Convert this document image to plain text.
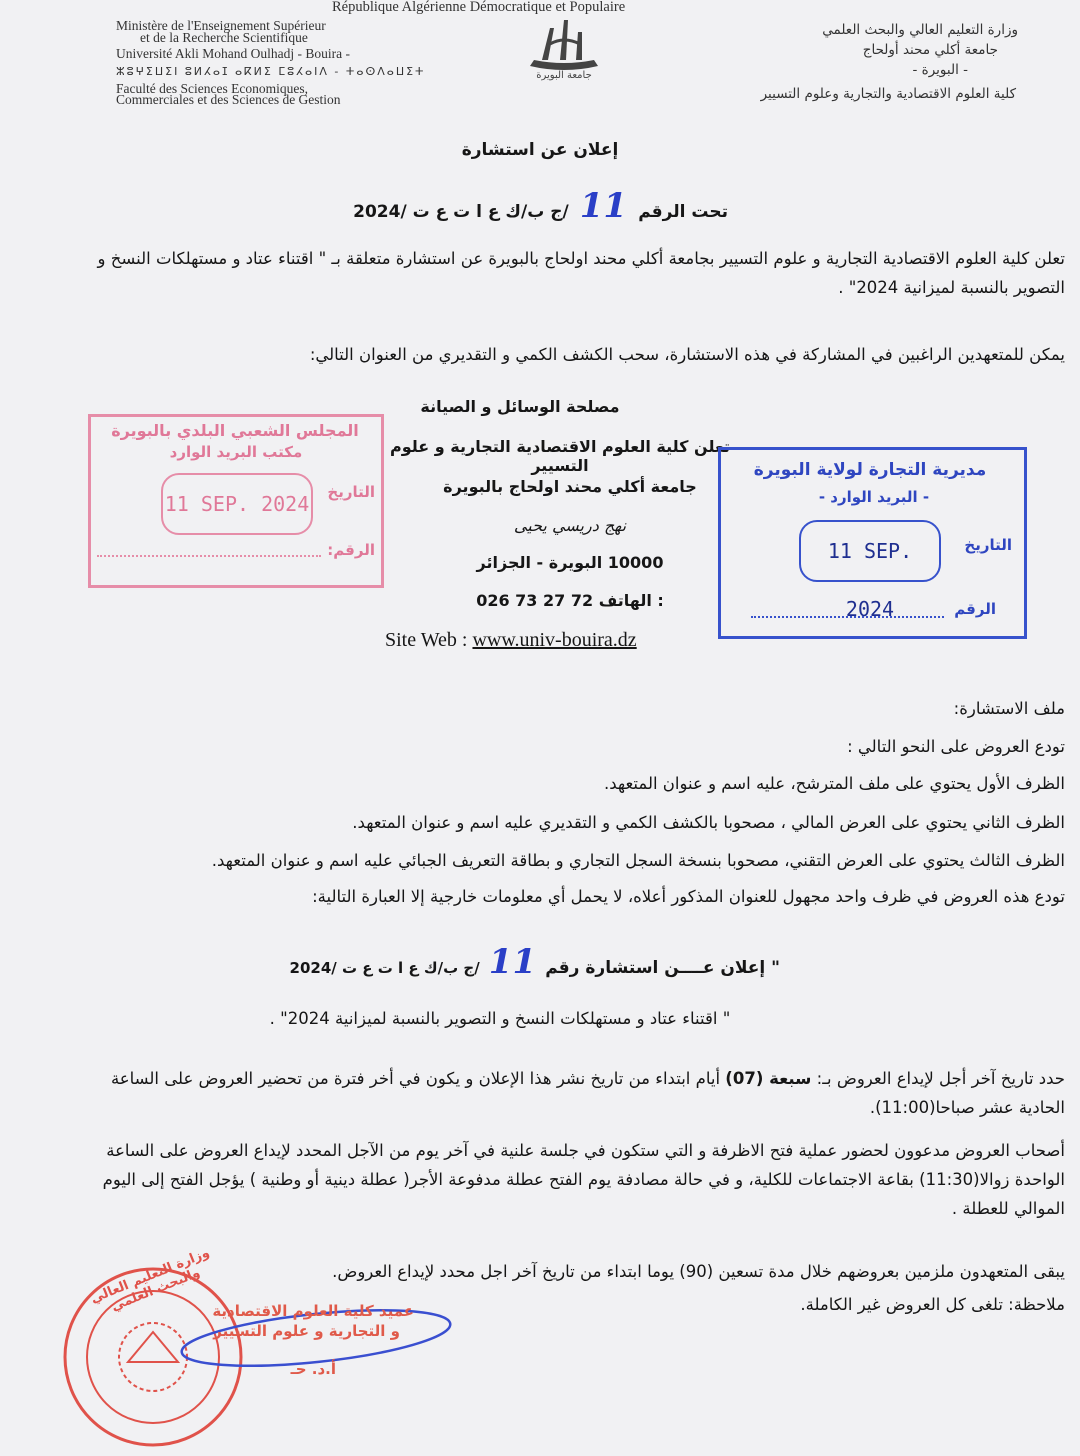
République Algérienne Démocratique et Populaire
Ministère de l'Enseignement Supérieur
et de la Recherche Scientifique
Université Akli Mohand Oulhadj - Bouira -
ⵣⵓⵖⵉⵡⵉⵏ ⵓⵍⵃⴰⵊ ⴰⴽⵍⵉ ⵎⵓⵃⴰⵏⴷ - ⵜⴰⵙⴷⴰⵡⵉⵜ
Faculté des Sciences Economiques,
Commerciales et des Sciences de Gestion
جامعة البويرة
وزارة التعليم العالي والبحث العلمي
جامعة أكلي محند أولحاج
- البويرة -
كلية العلوم الاقتصادية والتجارية وعلوم التسيير
إعلان عن استشارة
تحت الرقم 11 /ج ب/ك ع ا ت ع ت /2024
تعلن كلية العلوم الاقتصادية التجارية و علوم التسيير بجامعة أكلي محند اولحاج بالبويرة عن استشارة متعلقة بـ " اقتناء عتاد و مستهلكات النسخ و التصوير بالنسبة لميزانية 2024" .
يمكن للمتعهدين الراغبين في المشاركة في هذه الاستشارة، سحب الكشف الكمي و التقديري من العنوان التالي:
مصلحة الوسائل و الصيانة
تعلن كلية العلوم الاقتصادية التجارية و علوم التسيير
جامعة أكلي محند اولحاج بالبويرة
نهج دريسي يحيى
10000 البويرة - الجزائر
026 73 27 72 الهاتف :
Site Web : www.univ-bouira.dz
المجلس الشعبي البلدي بالبويرة
مكتب البريد الوارد
11 SEP. 2024 التاريخ
الرقم:
مديرية التجارة لولاية البويرة
- البريد الوارد -
11 SEP. 2024
التاريخ
الرقم
ملف الاستشارة:
تودع العروض على النحو التالي :
الظرف الأول يحتوي على ملف المترشح، عليه اسم و عنوان المتعهد.
الظرف الثاني يحتوي على العرض المالي ، مصحوبا بالكشف الكمي و التقديري عليه اسم و عنوان المتعهد.
الظرف الثالث يحتوي على العرض التقني، مصحوبا بنسخة السجل التجاري و بطاقة التعريف الجبائي عليه اسم و عنوان المتعهد.
تودع هذه العروض في ظرف واحد مجهول للعنوان المذكور أعلاه، لا يحمل أي معلومات خارجية إلا العبارة التالية:
" إعلان عــــن استشارة رقم 11 /ج ب/ك ع ا ت ع ت /2024
" اقتناء عتاد و مستهلكات النسخ و التصوير بالنسبة لميزانية 2024" .
حدد تاريخ آخر أجل لإيداع العروض بـ: سبعة (07) أيام ابتداء من تاريخ نشر هذا الإعلان و يكون في أخر فترة من تحضير العروض على الساعة الحادية عشر صباحا(11:00).
أصحاب العروض مدعوون لحضور عملية فتح الاظرفة و التي ستكون في جلسة علنية في آخر يوم من الآجل المحدد لإيداع العروض على الساعة الواحدة زوالا(11:30) بقاعة الاجتماعات للكلية، و في حالة مصادفة يوم الفتح عطلة مدفوعة الأجر( عطلة دينية أو وطنية ) يؤجل الفتح إلى اليوم الموالي للعطلة .
يبقى المتعهدون ملزمين بعروضهم خلال مدة تسعين (90) يوما ابتداء من تاريخ آخر اجل محدد لإيداع العروض.
ملاحظة: تلغى كل العروض غير الكاملة.
وزارة التعليم العالي والبحث العلمي عميد كلية العلوم الاقتصادية
و التجارية و علوم التسيير
أ.د. حـ
